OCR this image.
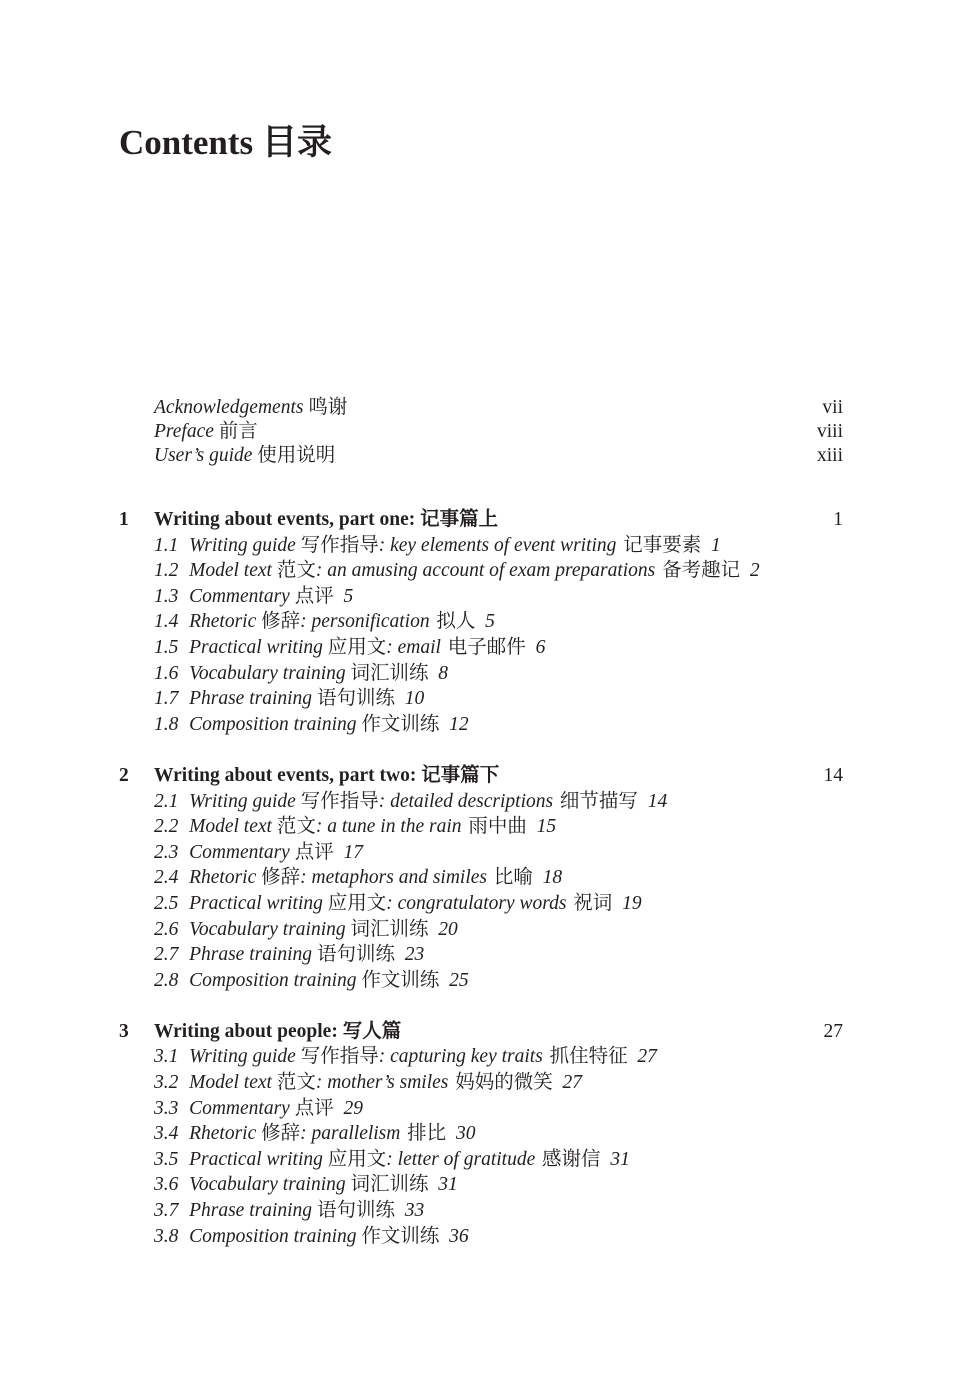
Contents 目录
Acknowledgements 鸣谢	vii
Preface 前言	viii
User’s guide 使用说明	xiii
1	Writing about events, part one: 记事篇上	1
1.1 Writing guide 写作指导: key elements of event writing 记事要素 1
1.2 Model text 范文: an amusing account of exam preparations 备考趣记 2
1.3 Commentary 点评 5
1.4 Rhetoric 修辞: personification 拟人 5
1.5 Practical writing 应用文: email 电子邮件 6
1.6 Vocabulary training 词汇训练 8
1.7 Phrase training 语句训练 10
1.8 Composition training 作文训练 12
2	Writing about events, part two: 记事篇下	14
2.1 Writing guide 写作指导: detailed descriptions 细节描写 14
2.2 Model text 范文: a tune in the rain 雨中曲 15
2.3 Commentary 点评 17
2.4 Rhetoric 修辞: metaphors and similes 比喻 18
2.5 Practical writing 应用文: congratulatory words 祝词 19
2.6 Vocabulary training 词汇训练 20
2.7 Phrase training 语句训练 23
2.8 Composition training 作文训练 25
3	Writing about people: 写人篇	27
3.1 Writing guide 写作指导: capturing key traits 抓住特征 27
3.2 Model text 范文: mother’s smiles 妈妈的微笑 27
3.3 Commentary 点评 29
3.4 Rhetoric 修辞: parallelism 排比 30
3.5 Practical writing 应用文: letter of gratitude 感谢信 31
3.6 Vocabulary training 词汇训练 31
3.7 Phrase training 语句训练 33
3.8 Composition training 作文训练 36
